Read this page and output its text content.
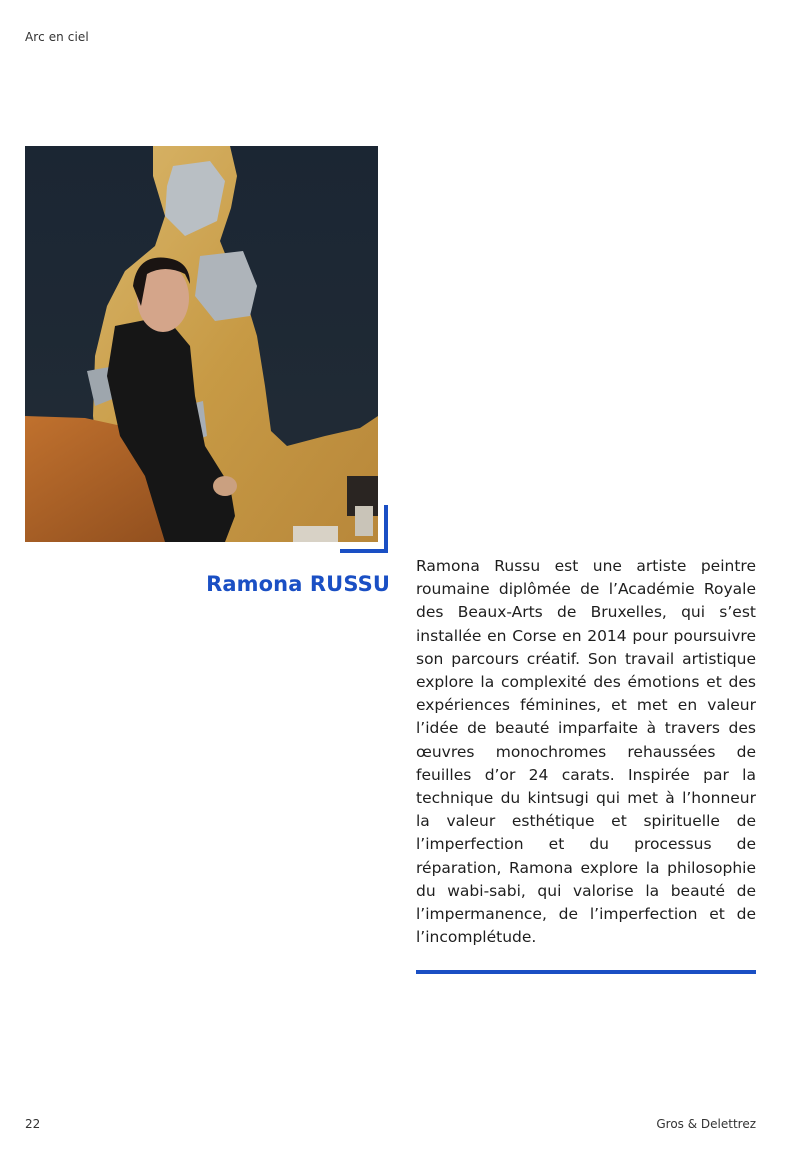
Arc en ciel
Ramona RUSSU
Ramona Russu est une artiste peintre roumaine diplômée de l’Académie Royale des Beaux-Arts de Bruxelles, qui s’est installée en Corse en 2014 pour poursuivre son parcours créatif. Son travail artistique explore la complexité des émotions et des expériences féminines, et met en valeur l’idée de beauté imparfaite à travers des œuvres monochromes rehaussées de feuilles d’or 24 carats. Inspirée par la technique du kintsugi qui met à l’honneur la valeur esthétique et spirituelle de l’imperfection et du processus de réparation, Ramona explore la philosophie du wabi-sabi, qui valorise la beauté de l’impermanence, de l’imperfection et de l’incomplétude.
22	Gros & Delettrez
